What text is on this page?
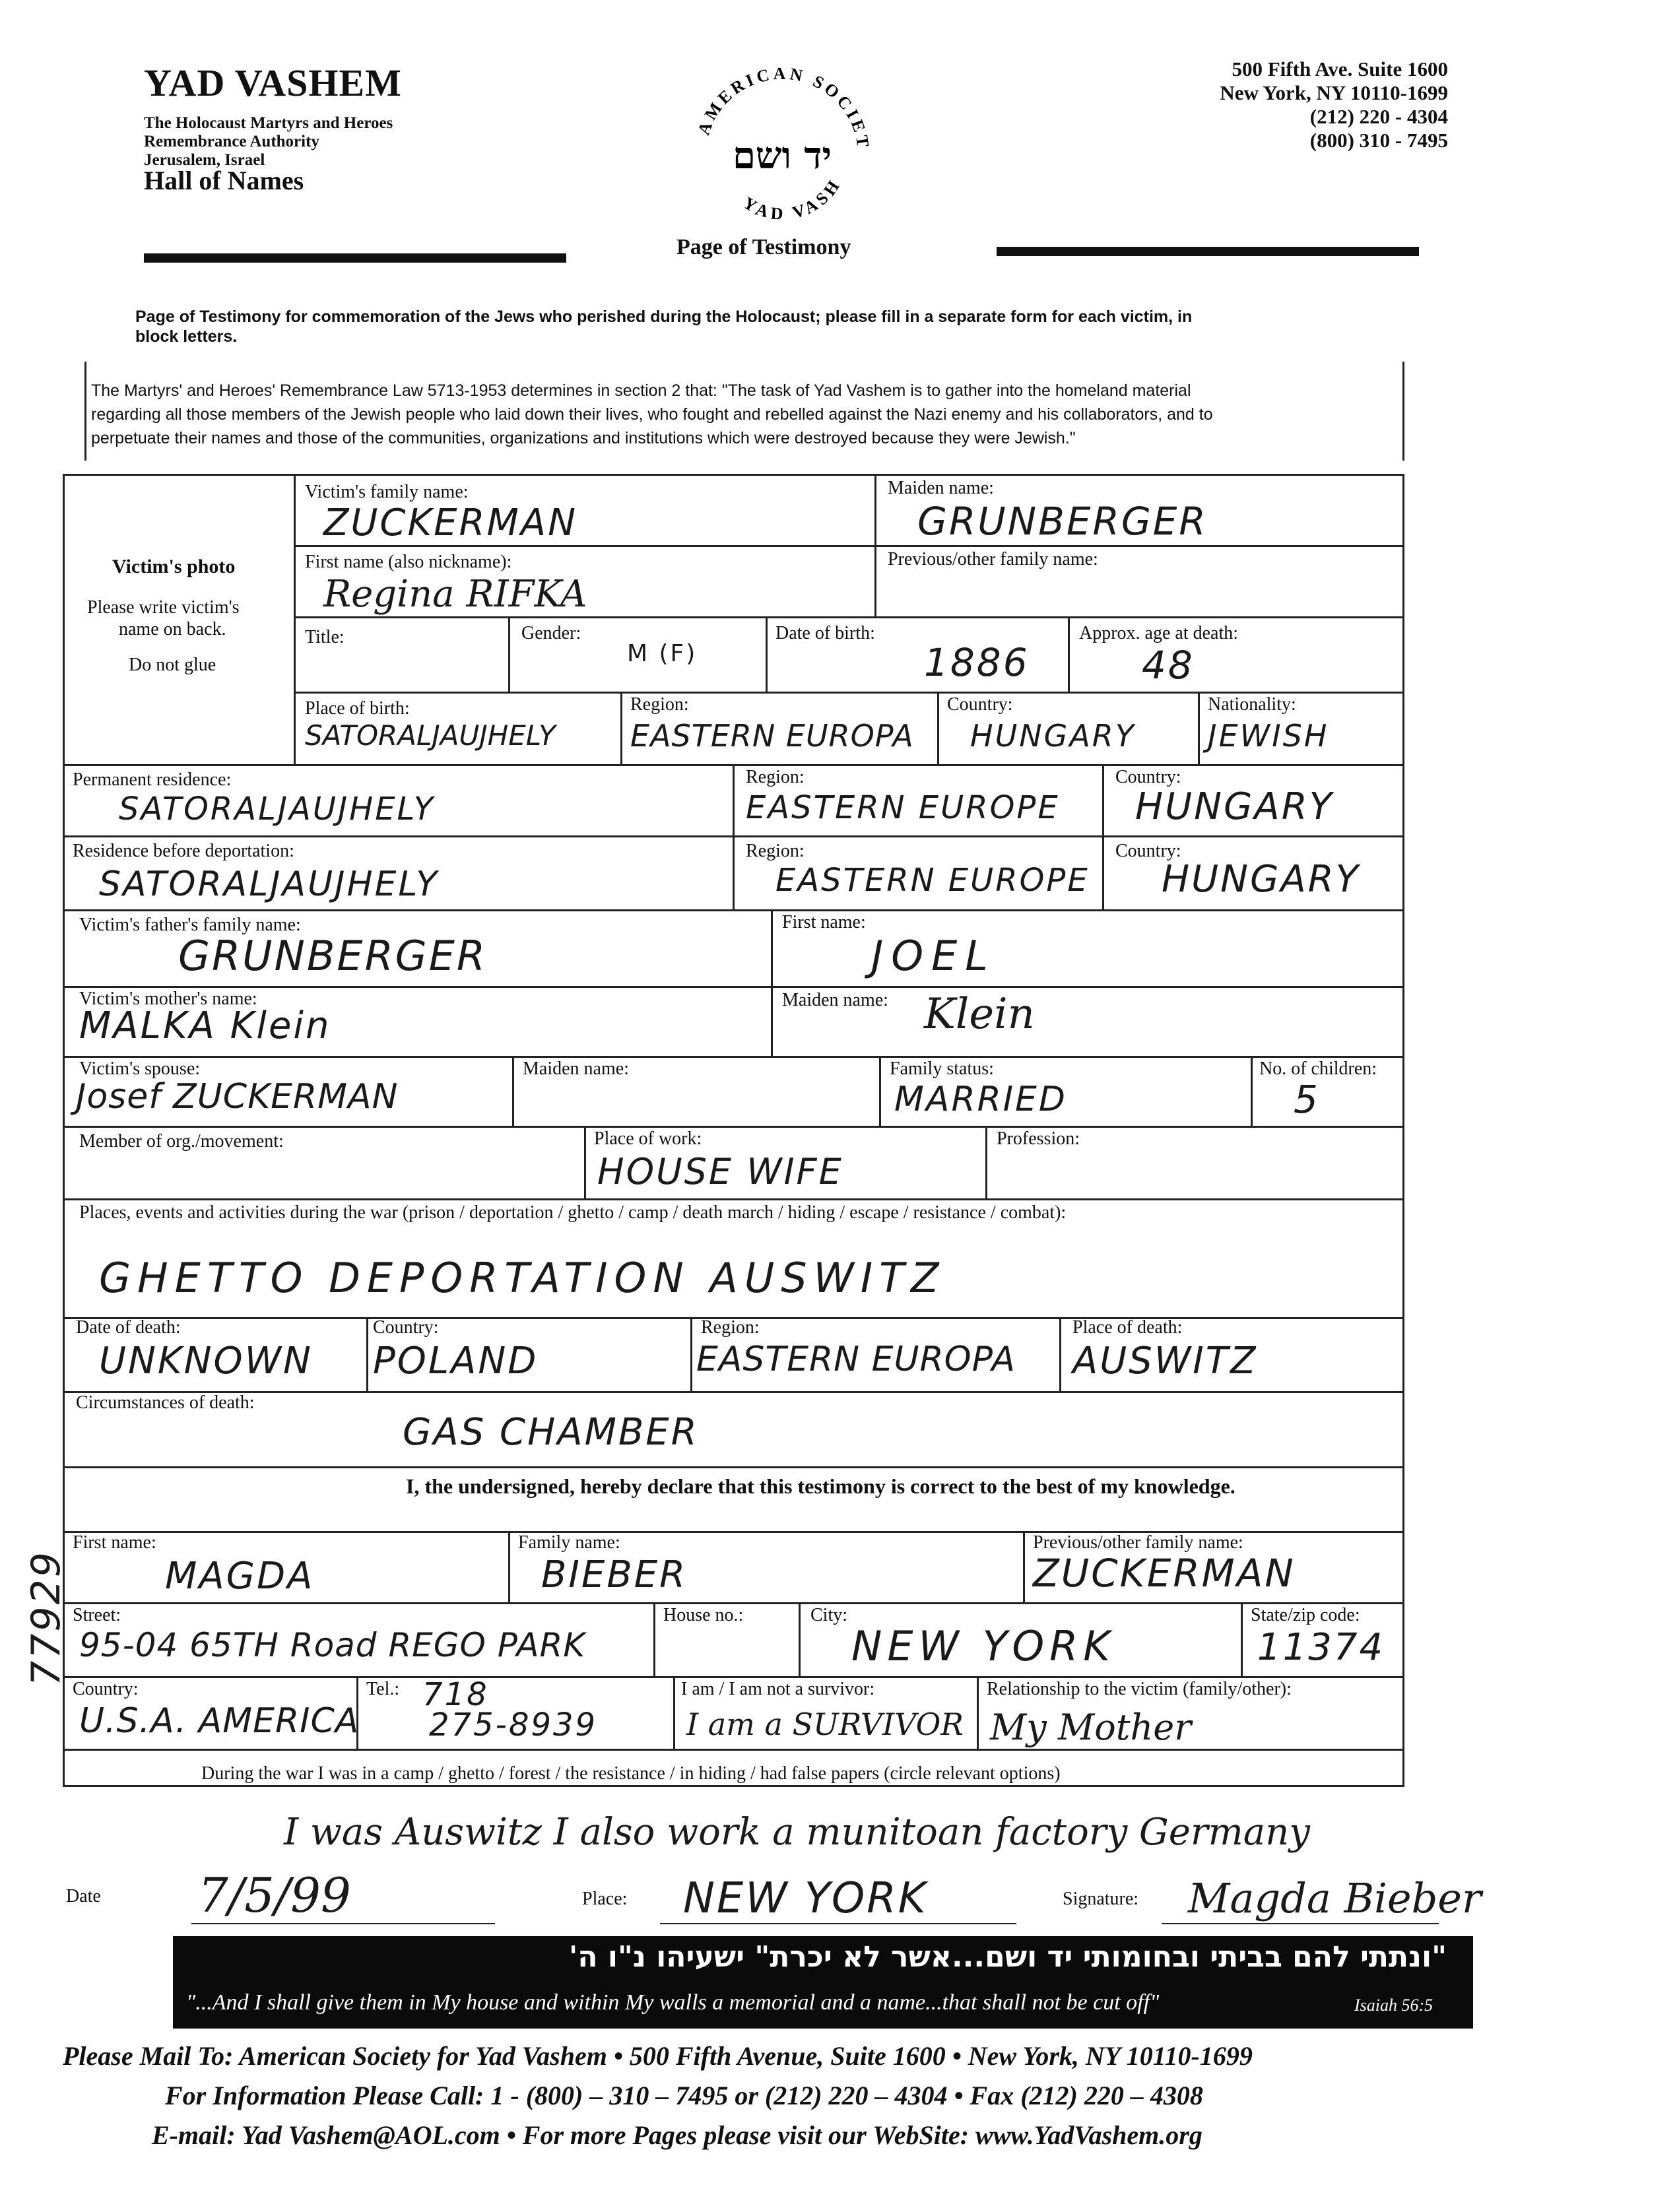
YAD VASHEM
The Holocaust Martyrs and Heroes
Remembrance Authority
Jerusalem, Israel
Hall of Names
AMERICAN SOCIET
YAD VASH
יד ושם
500 Fifth Ave. Suite 1600
New York, NY 10110-1699
(212) 220 - 4304
(800) 310 - 7495
Page of Testimony
Page of Testimony for commemoration of the Jews who perished during the Holocaust; please fill in a separate form for each victim, in
block letters.
The Martyrs' and Heroes' Remembrance Law 5713-1953 determines in section 2 that: "The task of Yad Vashem is to gather into the homeland material
regarding all those members of the Jewish people who laid down their lives, who fought and rebelled against the Nazi enemy and his collaborators, and to
perpetuate their names and those of the communities, organizations and institutions which were destroyed because they were Jewish."
Victim's photo
Please write victim's
name on back.
Do not glue
Victim's family name:
ZUCKERMAN
Maiden name:
GRUNBERGER
First name (also nickname):
Regina RIFKA
Previous/other family name:
Title:	Gender:
M (F)
Date of birth:
1886
Approx. age at death:
48
Place of birth:
SATORALJAUJHELY
Region:
EASTERN EUROPA
Country:
HUNGARY
Nationality:
JEWISH
Permanent residence:
SATORALJAUJHELY
Region:
EASTERN EUROPE
Country:
HUNGARY
Residence before deportation:
SATORALJAUJHELY
Region:
EASTERN EUROPE
Country:
HUNGARY
Victim's father's family name:
GRUNBERGER
First name:
JOEL
Victim's mother's name:
MALKA Klein
Maiden name: Klein
Victim's spouse:
Josef ZUCKERMAN
Maiden name:	Family status:
MARRIED
No. of children:
5
Member of org./movement:	Place of work:
HOUSE WIFE
Profession:
Places, events and activities during the war (prison / deportation / ghetto / camp / death march / hiding / escape / resistance / combat):
GHETTO DEPORTATION AUSWITZ
Date of death:
UNKNOWN
Country:
POLAND
Region:
EASTERN EUROPA
Place of death:
AUSWITZ
Circumstances of death:
GAS CHAMBER
I, the undersigned, hereby declare that this testimony is correct to the best of my knowledge.
First name:
MAGDA
Family name:
BIEBER
Previous/other family name:
ZUCKERMAN
Street:
95-04 65TH Road REGO PARK
House no.:	City:
NEW YORK
State/zip code:
11374
Country:
U.S.A. AMERICA
Tel.: 718
275-8939
I am / I am not a survivor:
I am a SURVIVOR
Relationship to the victim (family/other):
My Mother
During the war I was in a camp / ghetto / forest / the resistance / in hiding / had false papers (circle relevant options)
I was Auswitz I also work a munitoan factory Germany
Date 7/5/99	Place: NEW YORK	Signature: Magda Bieber
77929
"ונתתי להם בביתי ובחומותי יד ושם...אשר לא יכרת" ישעיהו נ"ו ה'
"...And I shall give them in My house and within My walls a memorial and a name...that shall not be cut off"	Isaiah 56:5
Please Mail To: American Society for Yad Vashem • 500 Fifth Avenue, Suite 1600 • New York, NY 10110-1699
For Information Please Call: 1 - (800) – 310 – 7495 or (212) 220 – 4304 • Fax (212) 220 – 4308
E-mail: Yad Vashem@AOL.com • For more Pages please visit our WebSite: www.YadVashem.org
